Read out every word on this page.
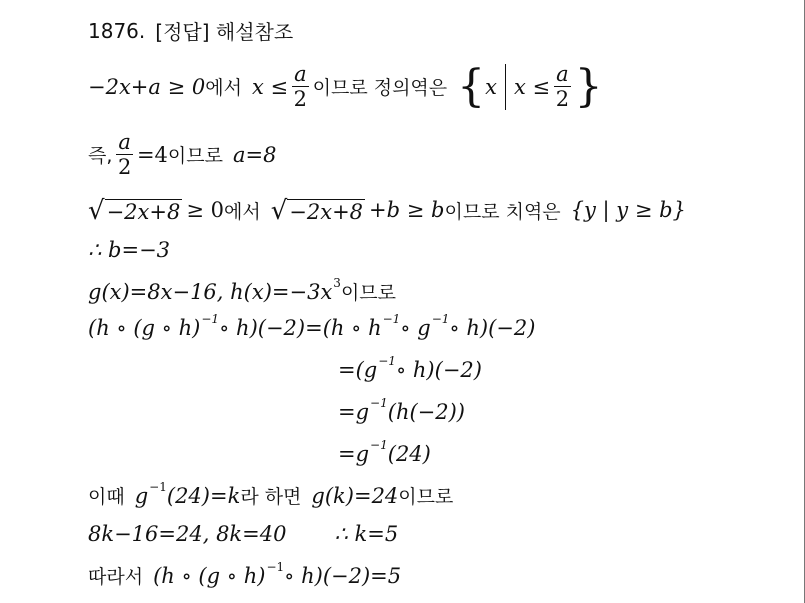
1876. [정답] 해설참조
−2x+a ≥ 0 에서 $x \le \frac{a}{2}$ 이므로 정의역은 { x $x \le \frac{a}{2}$ }
즉, $\frac{a}{2} =4$ 이므로 a=8
√ −2x+8 ≥ 0 에서 √ −2x+8 +b ≥ b 이므로 치역은 {y | y ≥ b}
∴ b=−3
g(x)=8x−16, h(x)=−3x 3 이므로
(h ∘ (g ∘ h) −1 ∘ h)(−2) =(h ∘ h −1 ∘ g −1 ∘ h)(−2)
=(g −1 ∘ h)(−2)
=g −1 (h(−2))
=g −1 (24)
이때 g −1 (24)=k 라 하면 g(k)=24 이므로
8k−16=24, 8k=40 ∴ k=5
따라서 (h ∘ (g ∘ h) −1 ∘ h)(−2)=5
